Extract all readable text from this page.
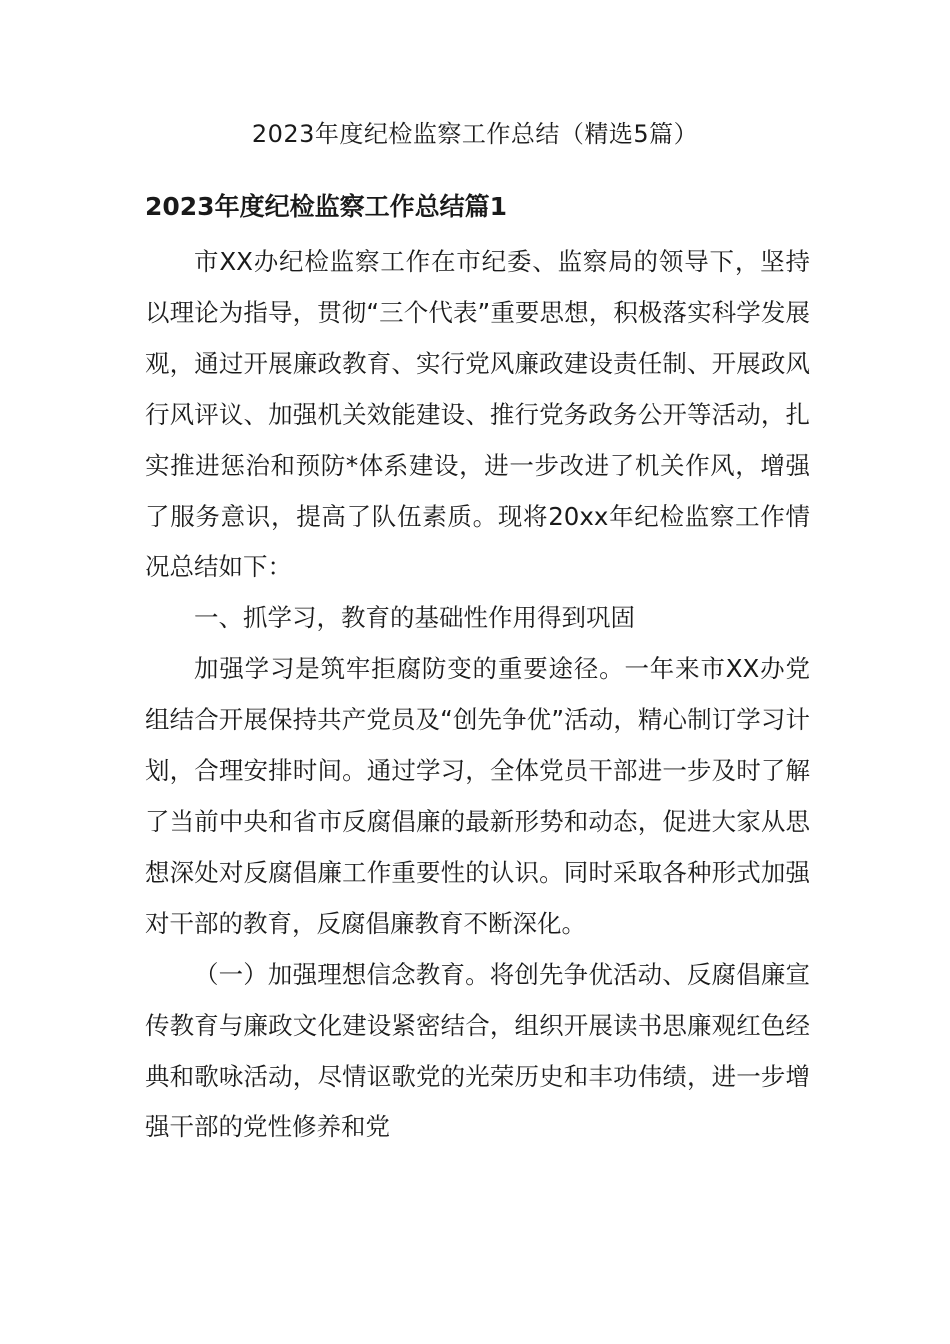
2023年度纪检监察工作总结（精选5篇）
2023年度纪检监察工作总结篇1

市XX办纪检监察工作在市纪委、监察局的领导下，坚持以理论为指导，贯彻“三个代表”重要思想，积极落实科学发展观，通过开展廉政教育、实行党风廉政建设责任制、开展政风行风评议、加强机关效能建设、推行党务政务公开等活动，扎实推进惩治和预防*体系建设，进一步改进了机关作风，增强了服务意识，提高了队伍素质。现将20xx年纪检监察工作情况总结如下：

一、抓学习，教育的基础性作用得到巩固

加强学习是筑牢拒腐防变的重要途径。一年来市XX办党组结合开展保持共产党员及“创先争优”活动，精心制订学习计划，合理安排时间。通过学习，全体党员干部进一步及时了解了当前中央和省市反腐倡廉的最新形势和动态，促进大家从思想深处对反腐倡廉工作重要性的认识。同时采取各种形式加强对干部的教育，反腐倡廉教育不断深化。

（一）加强理想信念教育。将创先争优活动、反腐倡廉宣传教育与廉政文化建设紧密结合，组织开展读书思廉观红色经典和歌咏活动，尽情讴歌党的光荣历史和丰功伟绩，进一步增强干部的党性修养和党
